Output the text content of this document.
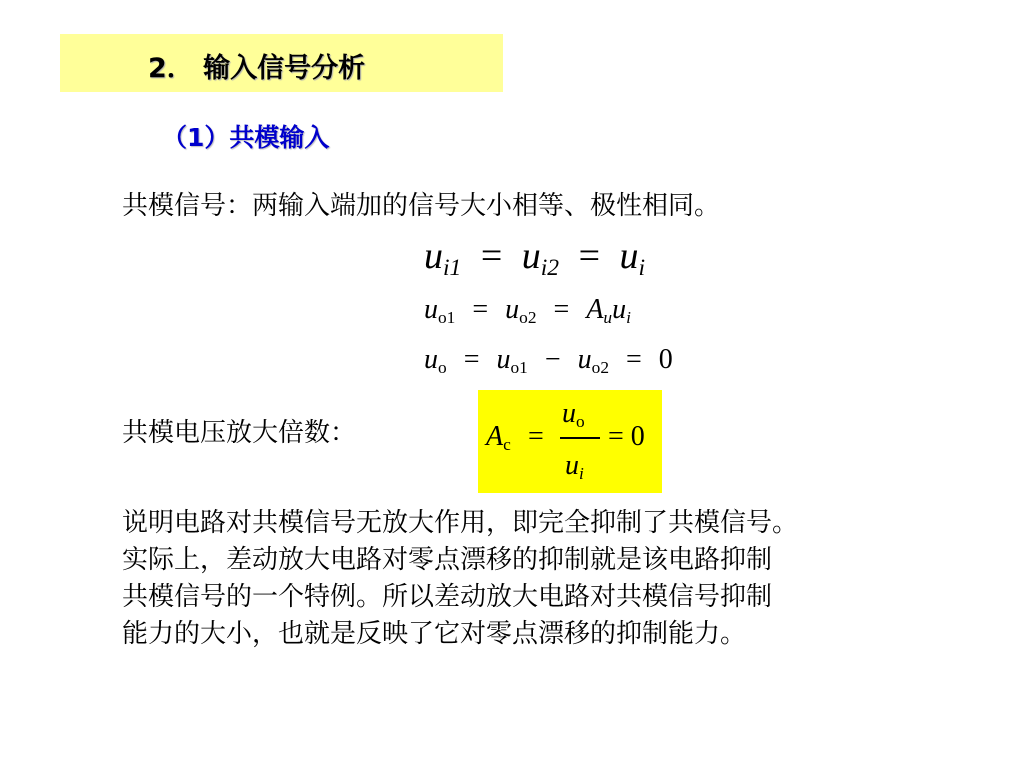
2． 输入信号分析
（1）共模输入
共模信号：两输入端加的信号大小相等、极性相同。
$u_{i1} = u_{i2} = u_i$
$u_{o1} = u_{o2} = A_uu_i$
$u_o = u_{o1} - u_{o2} = 0$
共模电压放大倍数：	$A_c$ =
$u_o$
$u_i$
= 0
说明电路对共模信号无放大作用，即完全抑制了共模信号。
实际上，差动放大电路对零点漂移的抑制就是该电路抑制
共模信号的一个特例。所以差动放大电路对共模信号抑制
能力的大小，也就是反映了它对零点漂移的抑制能力。
